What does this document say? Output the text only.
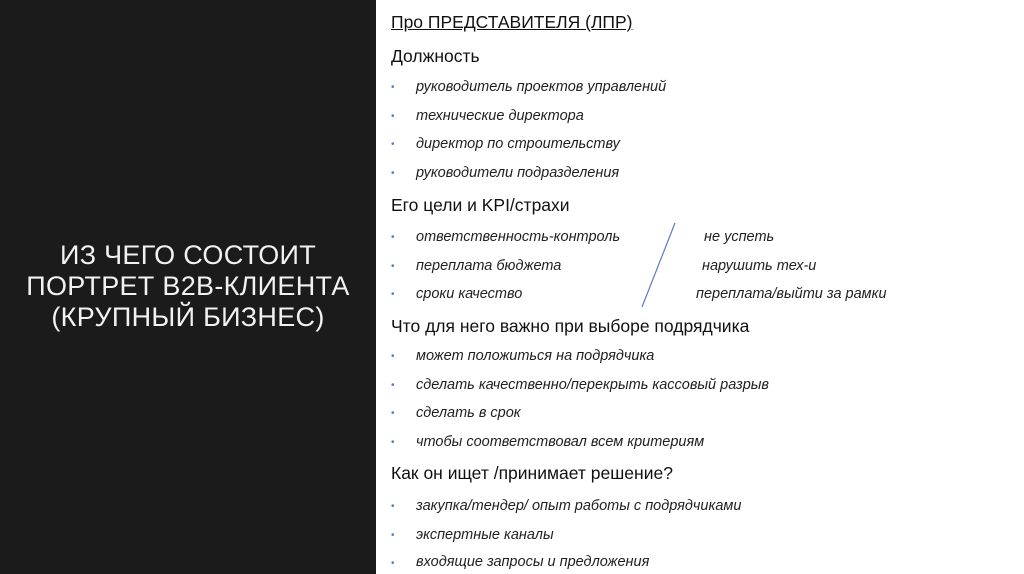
ИЗ ЧЕГО СОСТОИТ
ПОРТРЕТ B2B-КЛИЕНТА
(КРУПНЫЙ БИЗНЕС)
Про ПРЕДСТАВИТЕЛЯ (ЛПР)
Должность
• руководитель проектов управлений
• технические директора
• директор по строительству
• руководители подразделения
Его цели и KPI/страхи
• ответственность-контроль	не успеть
• переплата бюджета	нарушить тех-и
• сроки качество	переплата/выйти за рамки
Что для него важно при выборе подрядчика
• может положиться на подрядчика
• сделать качественно/перекрыть кассовый разрыв
• сделать в срок
• чтобы соответствовал всем критериям
Как он ищет /принимает решение?
• закупка/тендер/ опыт работы с подрядчиками
• экспертные каналы
• входящие запросы и предложения
